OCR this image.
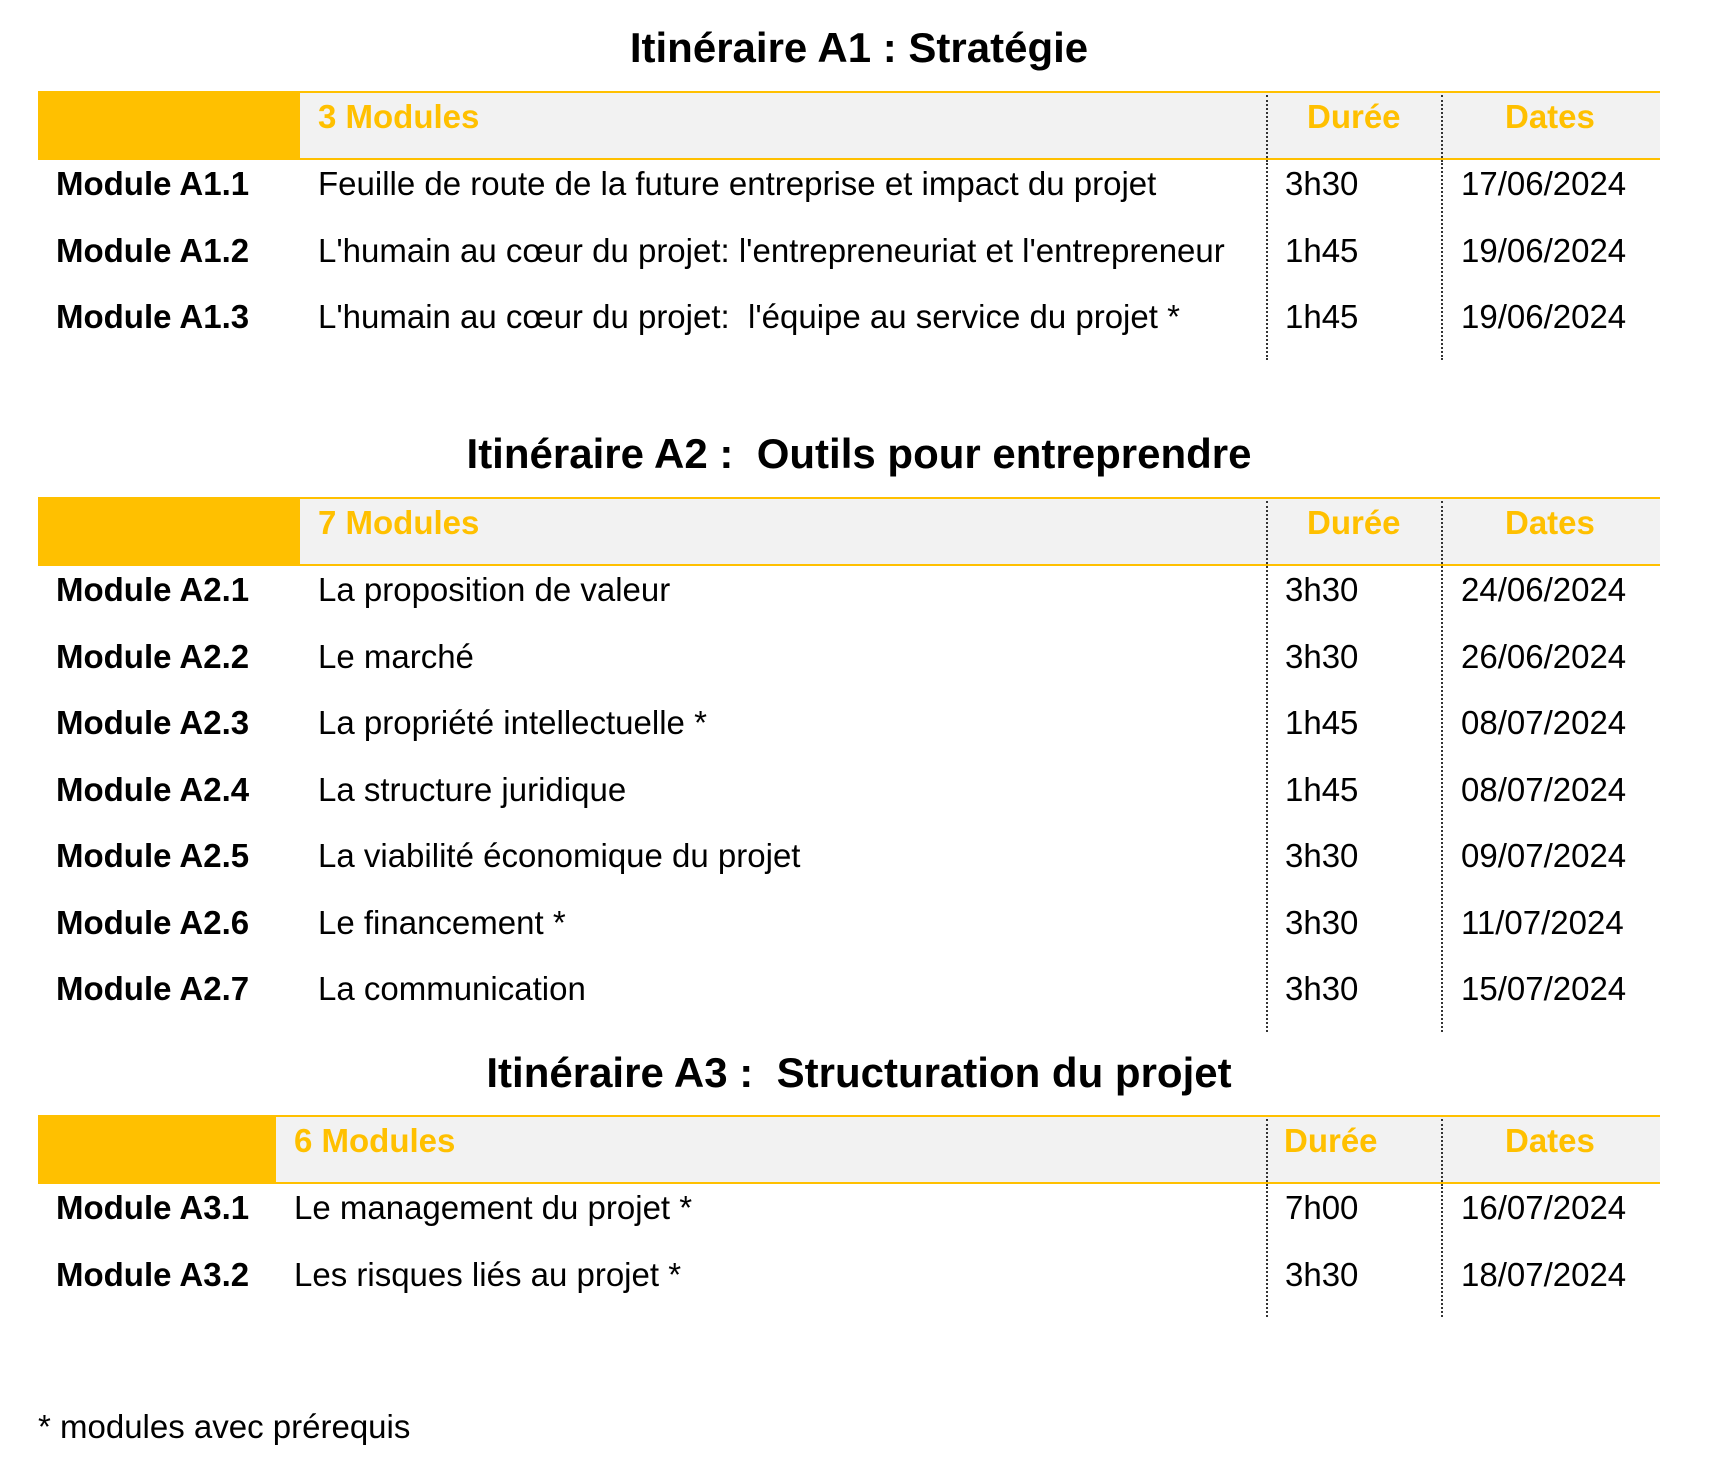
Itinéraire A1 : Stratégie
3 Modules	Durée	Dates
Module A1.1 Feuille de route de la future entreprise et impact du projet	3h30	17/06/2024
Module A1.2 L'humain au cœur du projet: l'entrepreneuriat et l'entrepreneur 1h45	19/06/2024
Module A1.3 L'humain au cœur du projet:  l'équipe au service du projet *	1h45	19/06/2024
Itinéraire A2 :  Outils pour entreprendre
7 Modules	Durée	Dates
Module A2.1 La proposition de valeur	3h30	24/06/2024
Module A2.2 Le marché	3h30	26/06/2024
Module A2.3 La propriété intellectuelle *	1h45	08/07/2024
Module A2.4 La structure juridique	1h45	08/07/2024
Module A2.5 La viabilité économique du projet	3h30	09/07/2024
Module A2.6 Le financement *	3h30	11/07/2024
Module A2.7 La communication	3h30	15/07/2024
Itinéraire A3 :  Structuration du projet
6 Modules	Durée	Dates
Module A3.1 Le management du projet *	7h00	16/07/2024
Module A3.2 Les risques liés au projet *	3h30	18/07/2024
* modules avec prérequis
